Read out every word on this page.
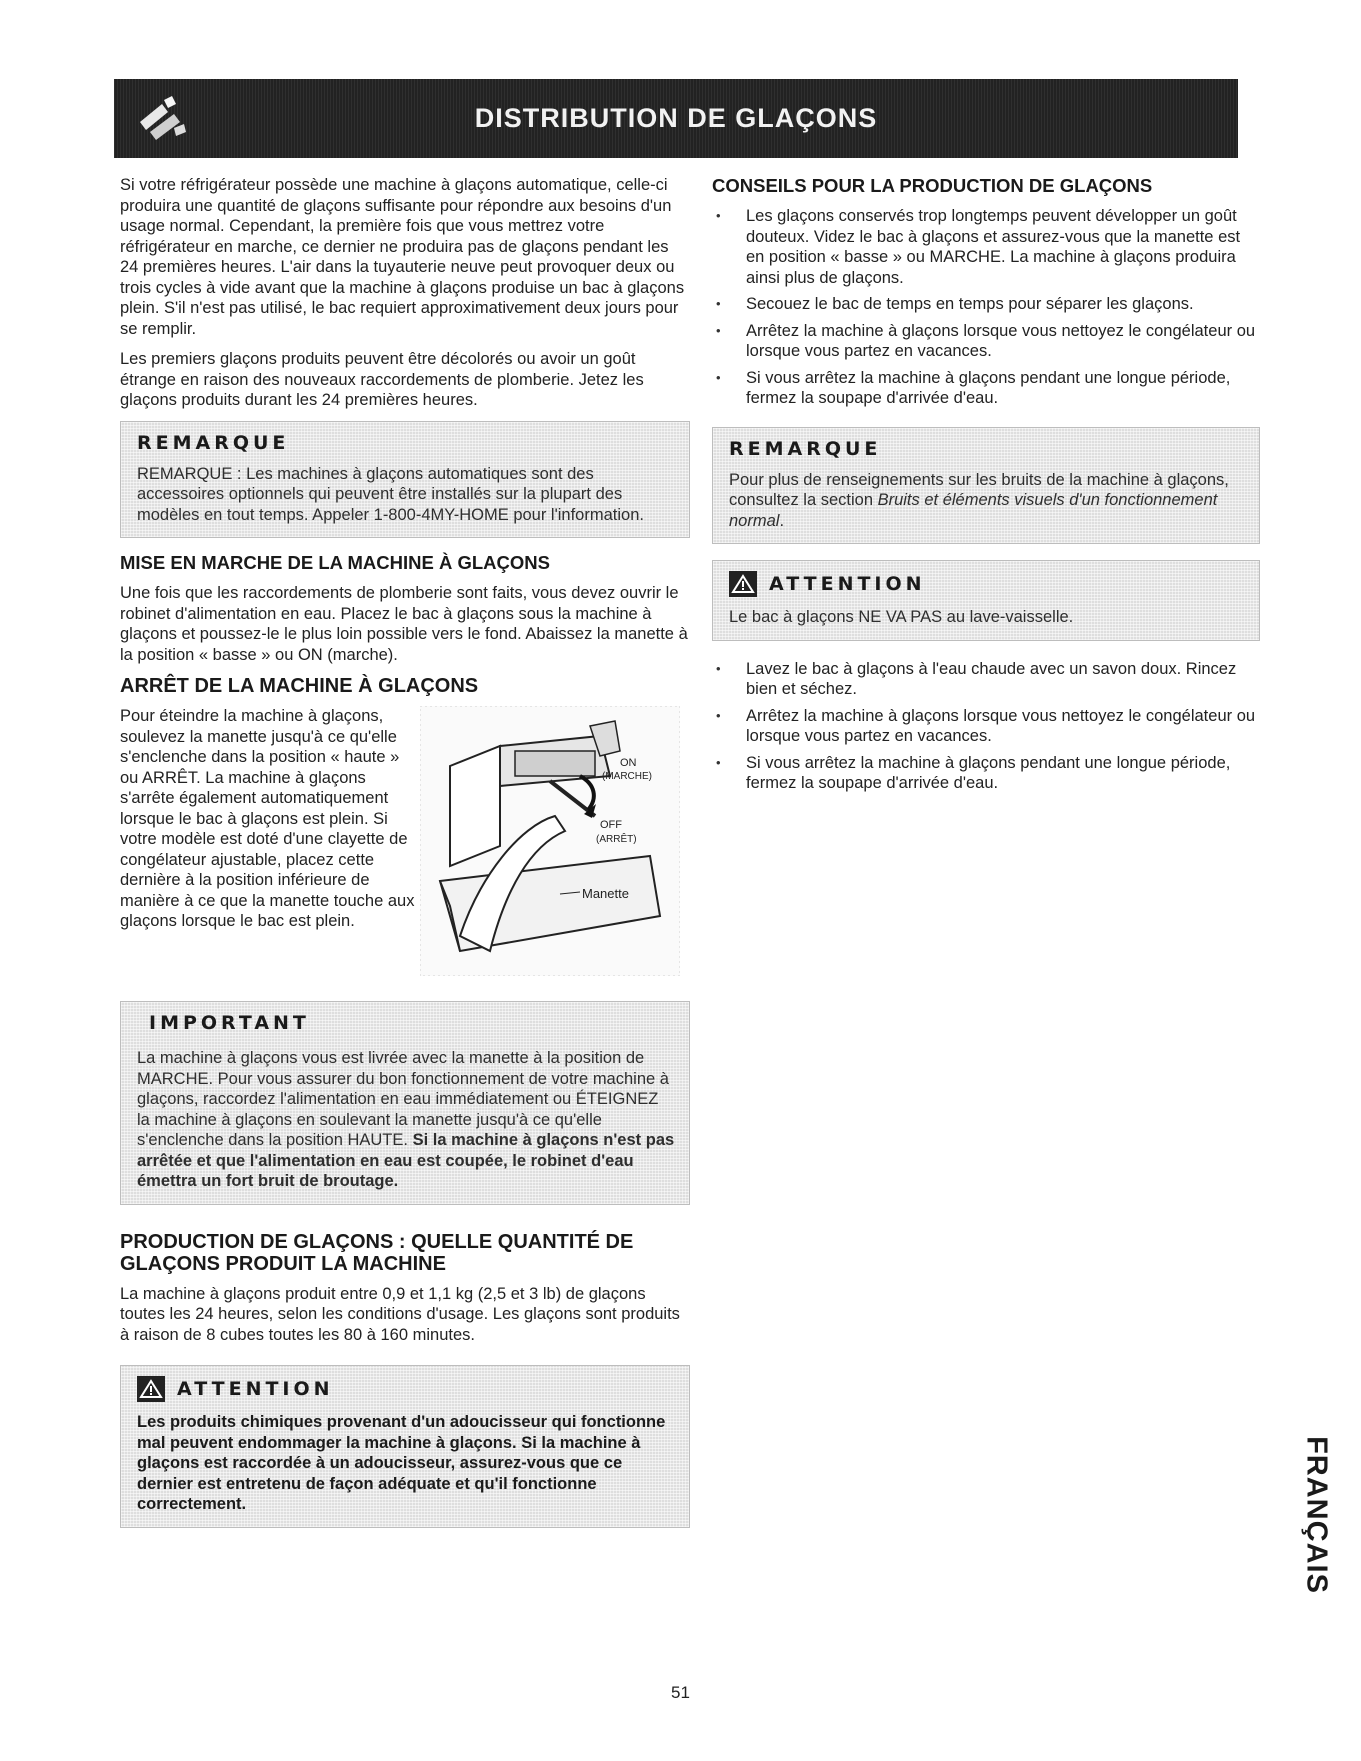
DISTRIBUTION DE GLAÇONS

Si votre réfrigérateur possède une machine à glaçons automatique, celle-ci produira une quantité de glaçons suffisante pour répondre aux besoins d'un usage normal. Cependant, la première fois que vous mettrez votre réfrigérateur en marche, ce dernier ne produira pas de glaçons pendant les 24 premières heures. L'air dans la tuyauterie neuve peut provoquer deux ou trois cycles à vide avant que la machine à glaçons produise un bac à glaçons plein. S'il n'est pas utilisé, le bac requiert approximativement deux jours pour se remplir.

Les premiers glaçons produits peuvent être décolorés ou avoir un goût étrange en raison des nouveaux raccordements de plomberie. Jetez les glaçons produits durant les 24 premières heures.

REMARQUE
REMARQUE : Les machines à glaçons automatiques sont des accessoires optionnels qui peuvent être installés sur la plupart des modèles en tout temps. Appeler 1-800-4MY-HOME pour l'information.
MISE EN MARCHE DE LA MACHINE À GLAÇONS

Une fois que les raccordements de plomberie sont faits, vous devez ouvrir le robinet d'alimentation en eau. Placez le bac à glaçons sous la machine à glaçons et poussez-le le plus loin possible vers le fond. Abaissez la manette à la position « basse » ou ON (marche).

ARRÊT DE LA MACHINE À GLAÇONS
Pour éteindre la machine à glaçons, soulevez la manette jusqu'à ce qu'elle s'enclenche dans la position « haute » ou ARRÊT. La machine à glaçons s'arrête également automatiquement lorsque le bac à glaçons est plein. Si votre modèle est doté d'une clayette de congélateur ajustable, placez cette dernière à la position inférieure de manière à ce que la manette touche aux glaçons lorsque le bac est plein.
ON
(MARCHE)
OFF
(ARRÊT)
Manette
IMPORTANT
La machine à glaçons vous est livrée avec la manette à la position de MARCHE. Pour vous assurer du bon fonctionnement de votre machine à glaçons, raccordez l'alimentation en eau immédiatement ou ÉTEIGNEZ la machine à glaçons en soulevant la manette jusqu'à ce qu'elle s'enclenche dans la position HAUTE. Si la machine à glaçons n'est pas arrêtée et que l'alimentation en eau est coupée, le robinet d'eau émettra un fort bruit de broutage.
PRODUCTION DE GLAÇONS : QUELLE QUANTITÉ DE GLAÇONS PRODUIT LA MACHINE

La machine à glaçons produit entre 0,9 et 1,1 kg (2,5 et 3 lb) de glaçons toutes les 24 heures, selon les conditions d'usage. Les glaçons sont produits à raison de 8 cubes toutes les 80 à 160 minutes.

ATTENTION
Les produits chimiques provenant d'un adoucisseur qui fonctionne mal peuvent endommager la machine à glaçons. Si la machine à glaçons est raccordée à un adoucisseur, assurez-vous que ce dernier est entretenu de façon adéquate et qu'il fonctionne correctement.
CONSEILS POUR LA PRODUCTION DE GLAÇONS
• Les glaçons conservés trop longtemps peuvent développer un goût douteux. Videz le bac à glaçons et assurez-vous que la manette est en position « basse » ou MARCHE. La machine à glaçons produira ainsi plus de glaçons.
• Secouez le bac de temps en temps pour séparer les glaçons.
• Arrêtez la machine à glaçons lorsque vous nettoyez le congélateur ou lorsque vous partez en vacances.
• Si vous arrêtez la machine à glaçons pendant une longue période, fermez la soupape d'arrivée d'eau.
REMARQUE
Pour plus de renseignements sur les bruits de la machine à glaçons, consultez la section Bruits et éléments visuels d'un fonctionnement normal.
ATTENTION
Le bac à glaçons NE VA PAS au lave-vaisselle.
• Lavez le bac à glaçons à l'eau chaude avec un savon doux. Rincez bien et séchez.
• Arrêtez la machine à glaçons lorsque vous nettoyez le congélateur ou lorsque vous partez en vacances.
• Si vous arrêtez la machine à glaçons pendant une longue période, fermez la soupape d'arrivée d'eau.
51
FRANÇAIS
